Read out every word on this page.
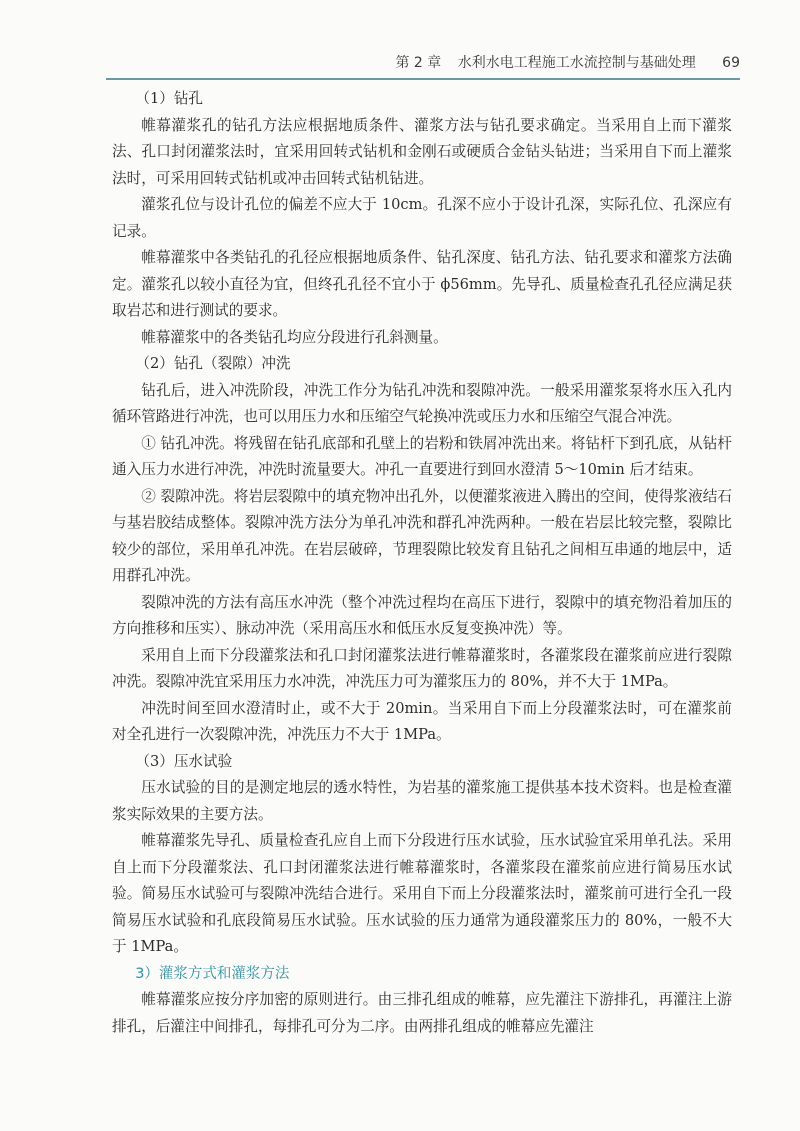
第 2 章 水利水电工程施工水流控制与基础处理 69

（1）钻孔

帷幕灌浆孔的钻孔方法应根据地质条件、灌浆方法与钻孔要求确定。当采用自上而下灌浆法、孔口封闭灌浆法时，宜采用回转式钻机和金刚石或硬质合金钻头钻进；当采用自下而上灌浆法时，可采用回转式钻机或冲击回转式钻机钻进。

灌浆孔位与设计孔位的偏差不应大于 10cm。孔深不应小于设计孔深，实际孔位、孔深应有记录。

帷幕灌浆中各类钻孔的孔径应根据地质条件、钻孔深度、钻孔方法、钻孔要求和灌浆方法确定。灌浆孔以较小直径为宜，但终孔孔径不宜小于 ϕ56mm。先导孔、质量检查孔孔径应满足获取岩芯和进行测试的要求。

帷幕灌浆中的各类钻孔均应分段进行孔斜测量。

（2）钻孔（裂隙）冲洗

钻孔后，进入冲洗阶段，冲洗工作分为钻孔冲洗和裂隙冲洗。一般采用灌浆泵将水压入孔内循环管路进行冲洗，也可以用压力水和压缩空气轮换冲洗或压力水和压缩空气混合冲洗。

① 钻孔冲洗。将残留在钻孔底部和孔壁上的岩粉和铁屑冲洗出来。将钻杆下到孔底，从钻杆通入压力水进行冲洗，冲洗时流量要大。冲孔一直要进行到回水澄清 5～10min 后才结束。

② 裂隙冲洗。将岩层裂隙中的填充物冲出孔外，以便灌浆液进入腾出的空间，使得浆液结石与基岩胶结成整体。裂隙冲洗方法分为单孔冲洗和群孔冲洗两种。一般在岩层比较完整，裂隙比较少的部位，采用单孔冲洗。在岩层破碎，节理裂隙比较发育且钻孔之间相互串通的地层中，适用群孔冲洗。

裂隙冲洗的方法有高压水冲洗（整个冲洗过程均在高压下进行，裂隙中的填充物沿着加压的方向推移和压实）、脉动冲洗（采用高压水和低压水反复变换冲洗）等。

采用自上而下分段灌浆法和孔口封闭灌浆法进行帷幕灌浆时，各灌浆段在灌浆前应进行裂隙冲洗。裂隙冲洗宜采用压力水冲洗，冲洗压力可为灌浆压力的 80%，并不大于 1MPa。

冲洗时间至回水澄清时止，或不大于 20min。当采用自下而上分段灌浆法时，可在灌浆前对全孔进行一次裂隙冲洗，冲洗压力不大于 1MPa。

（3）压水试验

压水试验的目的是测定地层的透水特性，为岩基的灌浆施工提供基本技术资料。也是检查灌浆实际效果的主要方法。

帷幕灌浆先导孔、质量检查孔应自上而下分段进行压水试验，压水试验宜采用单孔法。采用自上而下分段灌浆法、孔口封闭灌浆法进行帷幕灌浆时，各灌浆段在灌浆前应进行简易压水试验。简易压水试验可与裂隙冲洗结合进行。采用自下而上分段灌浆法时，灌浆前可进行全孔一段简易压水试验和孔底段简易压水试验。压水试验的压力通常为通段灌浆压力的 80%，一般不大于 1MPa。

3）灌浆方式和灌浆方法

帷幕灌浆应按分序加密的原则进行。由三排孔组成的帷幕，应先灌注下游排孔，再灌注上游排孔，后灌注中间排孔，每排孔可分为二序。由两排孔组成的帷幕应先灌注
